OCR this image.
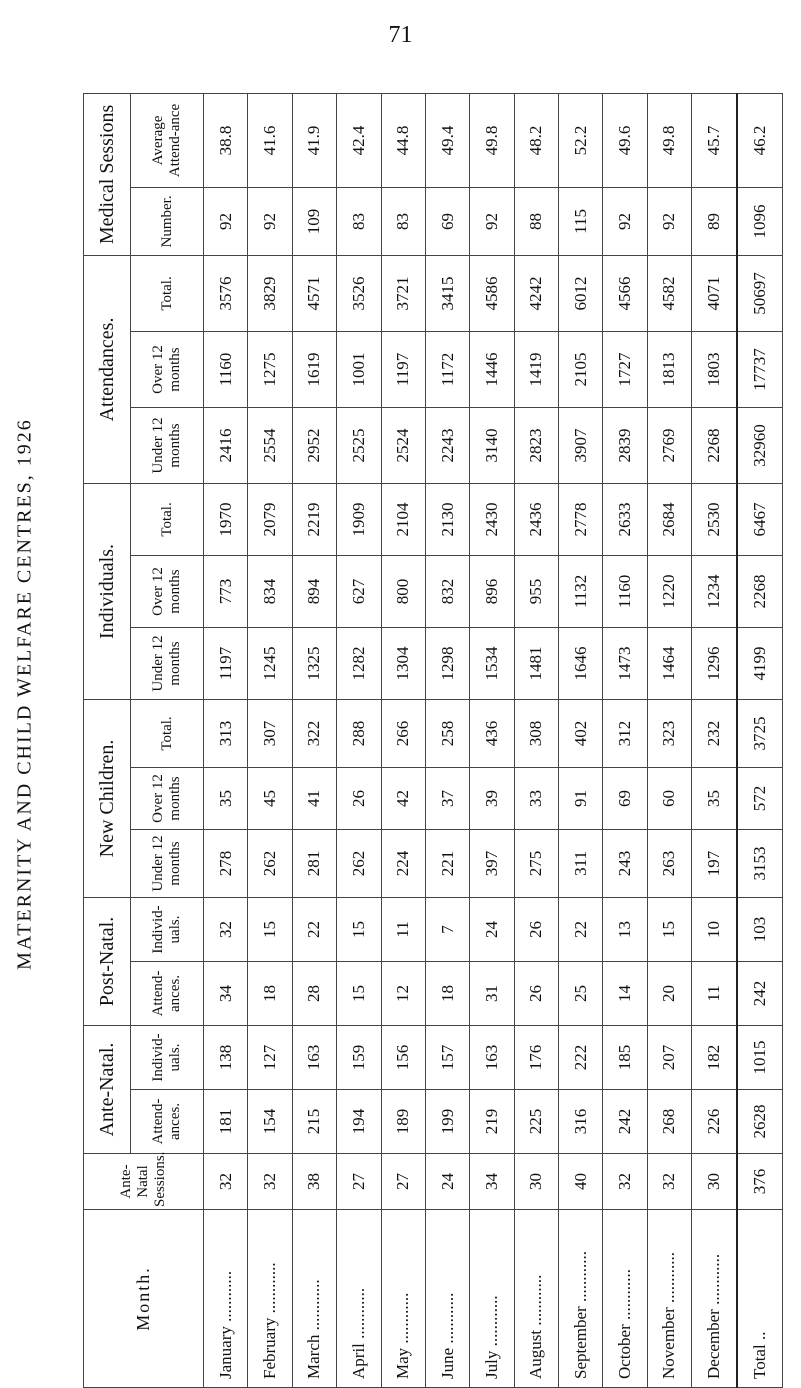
MATERNITY AND CHILD WELFARE CENTRES, 1926
71
Month.	Ante-Natal Sessions.	Ante-Natal.		Post-Natal.		New Children.			Individuals.			Attendances.			Medical Sessions	
		Attend-ances.	Individ-uals.	Attend-ances.	Individ-uals.	Under 12 months	Over 12 months	Total.	Under 12 months	Over 12 months	Total.	Under 12 months	Over 12 months	Total.	Number.	Average Attend-ance
January ............	32	181	138	34	32	278	35	313	1197	773	1970	2416	1160	3576	92	38.8
February ............	32	154	127	18	15	262	45	307	1245	834	2079	2554	1275	3829	92	41.6
March ............	38	215	163	28	22	281	41	322	1325	894	2219	2952	1619	4571	109	41.9
April ............	27	194	159	15	15	262	26	288	1282	627	1909	2525	1001	3526	83	42.4
May ............	27	189	156	12	11	224	42	266	1304	800	2104	2524	1197	3721	83	44.8
June ............	24	199	157	18	7	221	37	258	1298	832	2130	2243	1172	3415	69	49.4
July ............	34	219	163	31	24	397	39	436	1534	896	2430	3140	1446	4586	92	49.8
August ............	30	225	176	26	26	275	33	308	1481	955	2436	2823	1419	4242	88	48.2
September ............	40	316	222	25	22	311	91	402	1646	1132	2778	3907	2105	6012	115	52.2
October ............	32	242	185	14	13	243	69	312	1473	1160	2633	2839	1727	4566	92	49.6
November ............	32	268	207	20	15	263	60	323	1464	1220	2684	2769	1813	4582	92	49.8
December ............	30	226	182	11	10	197	35	232	1296	1234	2530	2268	1803	4071	89	45.7
Total ..	376	2628	1015	242	103	3153	572	3725	4199	2268	6467	32960	17737	50697	1096	46.2
